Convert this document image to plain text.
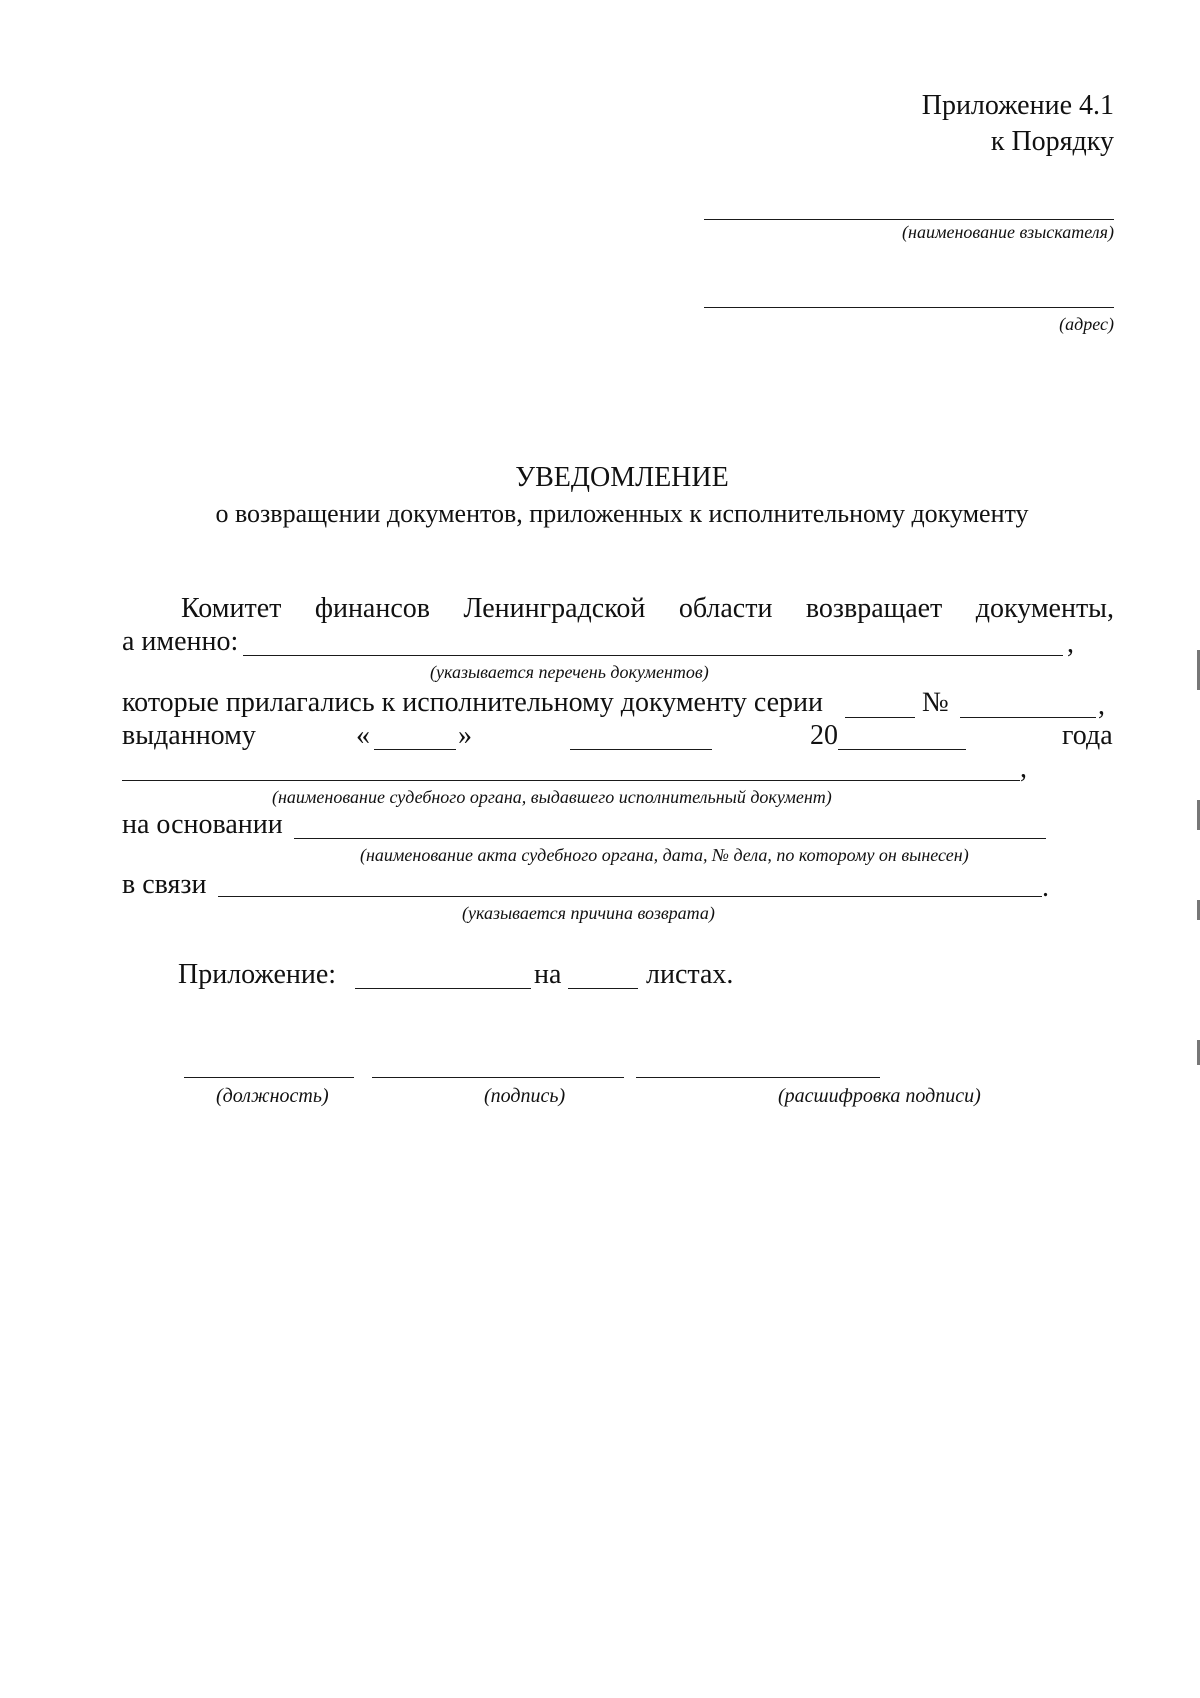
Приложение 4.1
к Порядку
(наименование взыскателя)
(адрес)
УВЕДОМЛЕНИЕ
о возвращении документов, приложенных к исполнительному документу
Комитет финансов Ленинградской области возвращает документы,
а именно:	,
(указывается перечень документов)
которые прилагались к исполнительному документу серии	№	,
выданному	«	»	20	года
,
(наименование судебного органа, выдавшего исполнительный документ)
на основании
(наименование акта судебного органа, дата, № дела, по которому он вынесен)
в связи	.
(указывается причина возврата)
Приложение:	на	листах.
(должность)	(подпись)	(расшифровка подписи)
